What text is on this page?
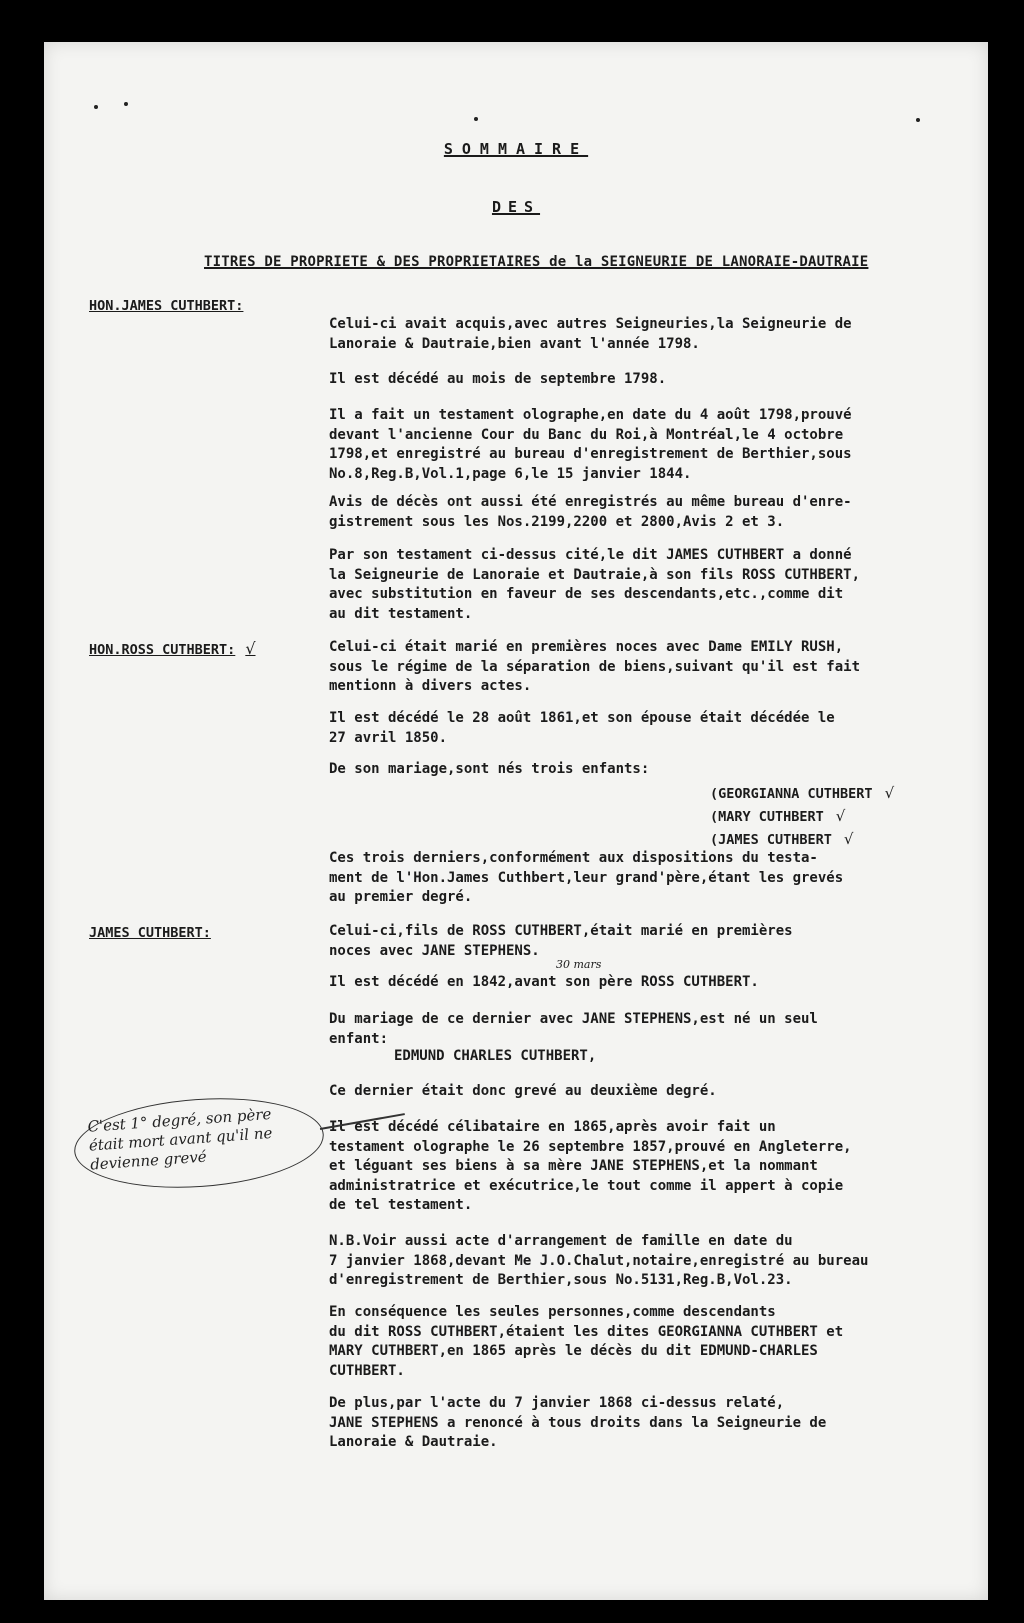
SOMMAIRE
DES
TITRES DE PROPRIETE & DES PROPRIETAIRES de la SEIGNEURIE DE LANORAIE-DAUTRAIE
HON.JAMES CUTHBERT:
HON.ROSS CUTHBERT: √
JAMES CUTHBERT:

Celui-ci avait acquis,avec autres Seigneuries,la Seigneurie de
Lanoraie & Dautraie,bien avant l'année 1798.

Il est décédé au mois de septembre 1798.

Il a fait un testament olographe,en date du 4 août 1798,prouvé
devant l'ancienne Cour du Banc du Roi,à Montréal,le 4 octobre
1798,et enregistré au bureau d'enregistrement de Berthier,sous
No.8,Reg.B,Vol.1,page 6,le 15 janvier 1844.

Avis de décès ont aussi été enregistrés au même bureau d'enre-
gistrement sous les Nos.2199,2200 et 2800,Avis 2 et 3.

Par son testament ci-dessus cité,le dit JAMES CUTHBERT a donné
la Seigneurie de Lanoraie et Dautraie,à son fils ROSS CUTHBERT,
avec substitution en faveur de ses descendants,etc.,comme dit
au dit testament.

Celui-ci était marié en premières noces avec Dame EMILY RUSH,
sous le régime de la séparation de biens,suivant qu'il est fait
mentionn à divers actes.

Il est décédé le 28 août 1861,et son épouse était décédée le
27 avril 1850.

De son mariage,sont nés trois enfants:

(GEORGIANNA CUTHBERT √
(MARY CUTHBERT √
(JAMES CUTHBERT √

Ces trois derniers,conformément aux dispositions du testa-
ment de l'Hon.James Cuthbert,leur grand'père,étant les grevés
au premier degré.

Celui-ci,fils de ROSS CUTHBERT,était marié en premières
noces avec JANE STEPHENS.

Il est décédé en 1842,avant son père ROSS CUTHBERT.

30 mars

Du mariage de ce dernier avec JANE STEPHENS,est né un seul
enfant:

EDMUND CHARLES CUTHBERT,

Ce dernier était donc grevé au deuxième degré.

Il est décédé célibataire en 1865,après avoir fait un
testament olographe le 26 septembre 1857,prouvé en Angleterre,
et léguant ses biens à sa mère JANE STEPHENS,et la nommant
administratrice et exécutrice,le tout comme il appert à copie
de tel testament.

N.B.Voir aussi acte d'arrangement de famille en date du
7 janvier 1868,devant Me J.O.Chalut,notaire,enregistré au bureau
d'enregistrement de Berthier,sous No.5131,Reg.B,Vol.23.

En conséquence les seules personnes,comme descendants
du dit ROSS CUTHBERT,étaient les dites GEORGIANNA CUTHBERT et
MARY CUTHBERT,en 1865 après le décès du dit EDMUND-CHARLES
CUTHBERT.

De plus,par l'acte du 7 janvier 1868 ci-dessus relaté,
JANE STEPHENS a renoncé à tous droits dans la Seigneurie de
Lanoraie & Dautraie.

C'est 1° degré, son père était mort avant qu'il ne devienne grevé
